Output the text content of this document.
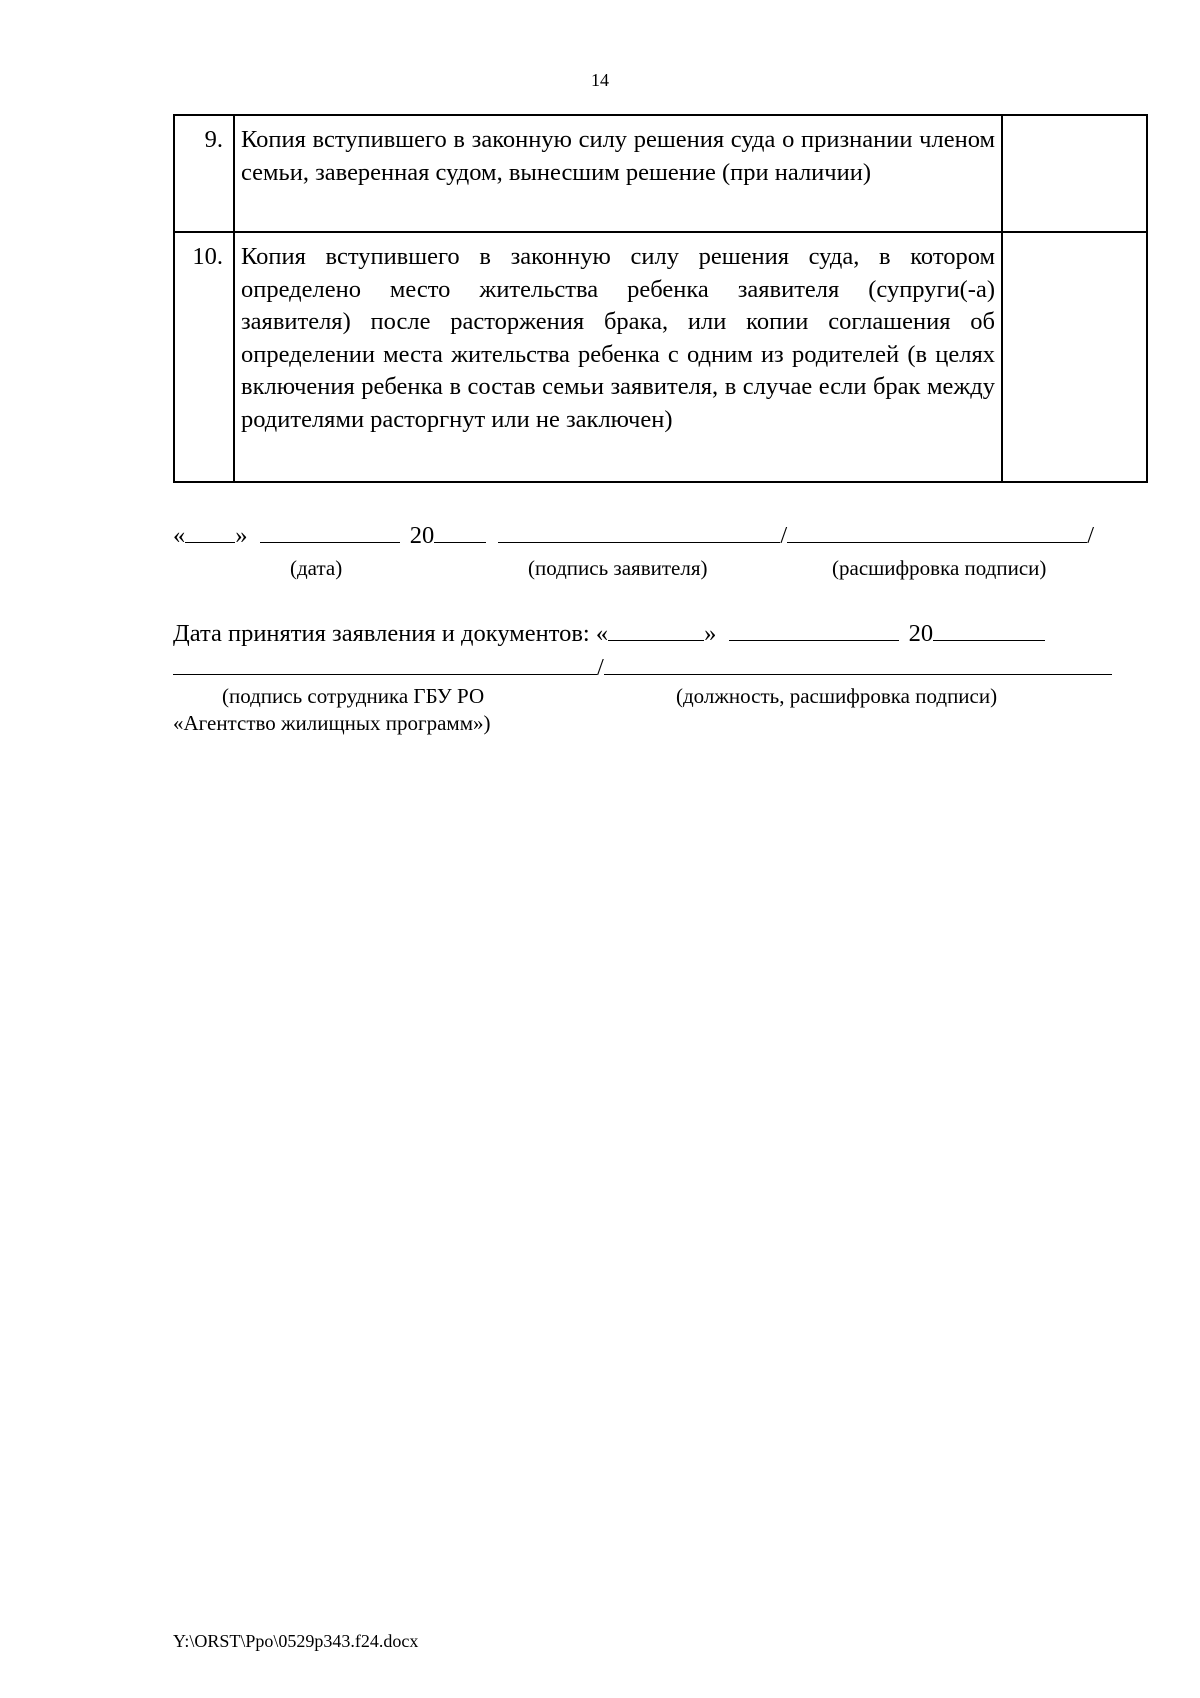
14
9.	Копия вступившего в законную силу решения суда о признании членом семьи, заверенная судом, вынесшим решение (при наличии)	
10.	Копия вступившего в законную силу решения суда, в котором определено место жительства ребенка заявителя (супруги(-а) заявителя) после расторжения брака, или копии соглашения об определении места жительства ребенка с одним из родителей (в целях включения ребенка в состав семьи заявителя, в случае если брак между родителями расторгнут или не заключен)	
« »	20	/	/
(дата)	(подпись заявителя)	(расшифровка подписи)
Дата принятия заявления и документов: «	»	20
/
(подпись сотрудника ГБУ РО
«Агентство жилищных программ»)
(должность, расшифровка подписи)
Y:\ORST\Ppo\0529p343.f24.docx
